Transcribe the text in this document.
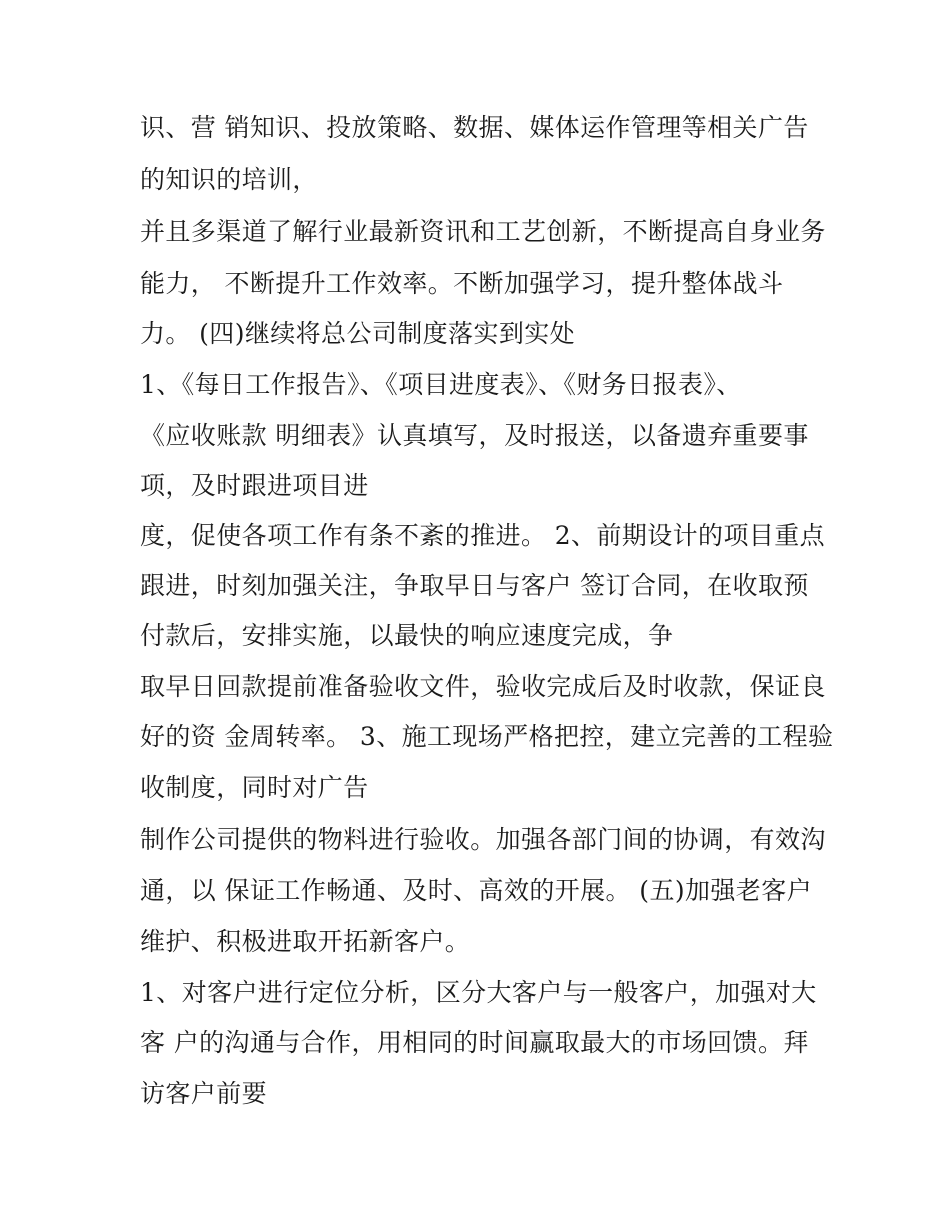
识、营 销知识、投放策略、数据、媒体运作管理等相关广告
的知识的培训，
并且多渠道了解行业最新资讯和工艺创新，不断提高自身业务
能力， 不断提升工作效率。不断加强学习，提升整体战斗
力。 (四)继续将总公司制度落实到实处
1、《每日工作报告》、《项目进度表》、《财务日报表》、
《应收账款 明细表》认真填写，及时报送，以备遗弃重要事
项，及时跟进项目进
度，促使各项工作有条不紊的推进。 2、前期设计的项目重点
跟进，时刻加强关注，争取早日与客户 签订合同，在收取预
付款后，安排实施，以最快的响应速度完成，争
取早日回款提前准备验收文件，验收完成后及时收款，保证良
好的资 金周转率。 3、施工现场严格把控，建立完善的工程验
收制度，同时对广告
制作公司提供的物料进行验收。加强各部门间的协调，有效沟
通，以 保证工作畅通、及时、高效的开展。 (五)加强老客户
维护、积极进取开拓新客户。
1、对客户进行定位分析，区分大客户与一般客户，加强对大
客 户的沟通与合作，用相同的时间赢取最大的市场回馈。拜
访客户前要
